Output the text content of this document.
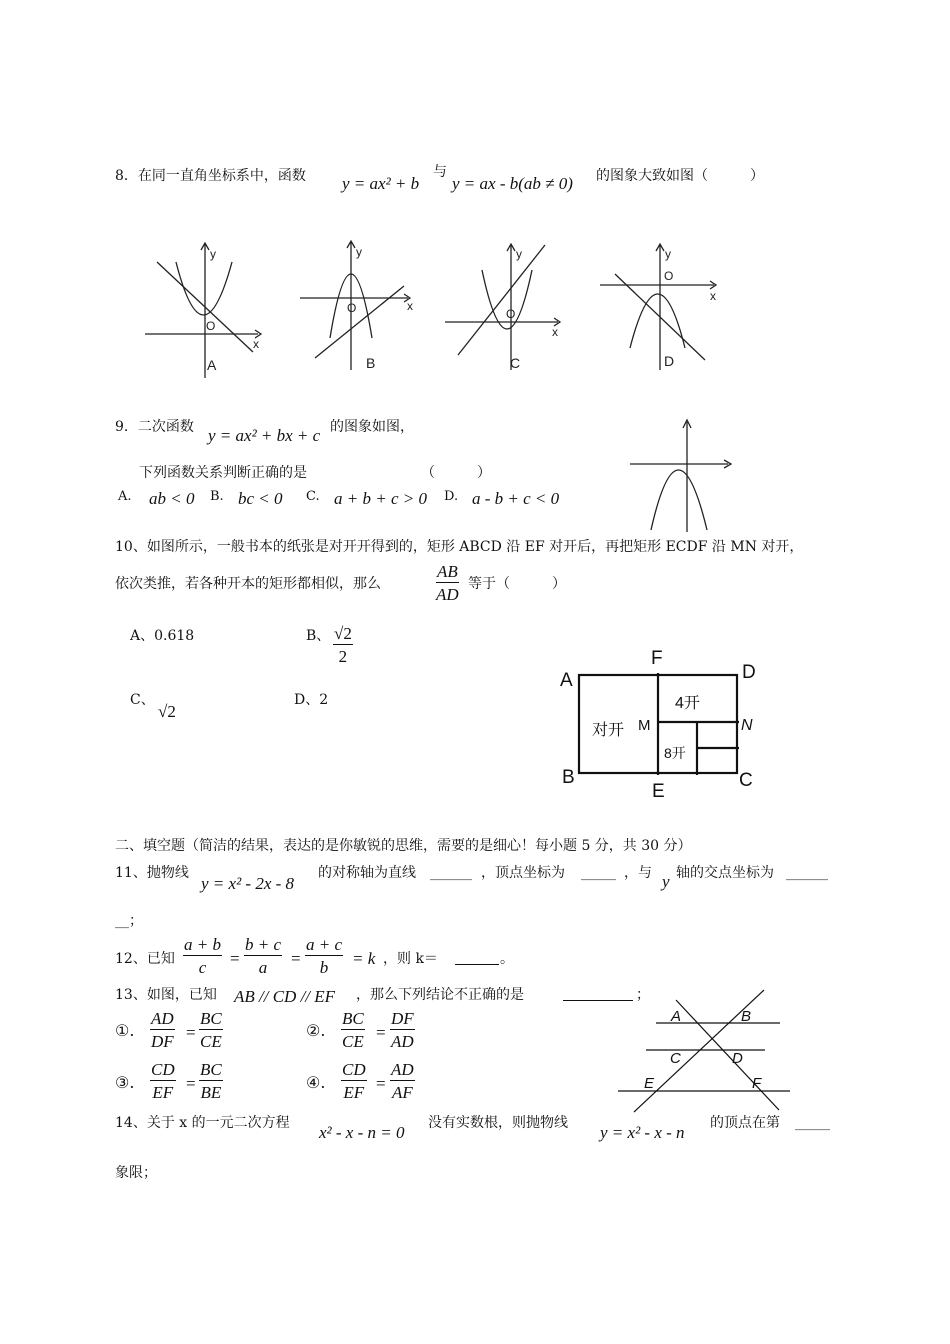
8．在同一直角坐标系中，函数 y = ax² + b
与
y = ax - b(ab ≠ 0) 的图象大致如图（　　　）
y
x
O
A
y
x
O
B
y
x
O
C
y
x
O
D
9．二次函数 y = ax² + bx + c 的图象如图，
下列函数关系判断正确的是	（　　　）
A. ab < 0 B. bc < 0 C. a + b + c > 0 D. a - b + c < 0
10、如图所示，一般书本的纸张是对开开得到的，矩形 ABCD 沿 EF 对开后，再把矩形 ECDF 沿 MN 对开，
依次类推，若各种开本的矩形都相似，那么	$\frac{AB}{AD}$ 等于（　　　）
A、0.618	B、 $\frac{√2}{2}$
C、
√2
D、2
A
F
D
M	N
B
E
C
对开
4开
8开
二、填空题（简洁的结果，表达的是你敏锐的思维，需要的是细心！每小题 5 分，共 30 分）
11、抛物线
y = x² - 2x - 8
的对称轴为直线 ______ ，顶点坐标为 _____ ，与 y 轴的交点坐标为 ______
__；
12、已知 $\frac{a + b}{c} = \frac{b + c}{a} = \frac{a + c}{b} = k$ ，则 k＝	。
13、如图，已知 AB // CD // EF ，那么下列结论不正确的是	；
①. $\frac{AD}{DF} = \frac{BC}{CE}$	②. $\frac{BC}{CE} = \frac{DF}{AD}$
③. $\frac{CD}{EF} = \frac{BC}{BE}$	④. $\frac{CD}{EF} = \frac{AD}{AF}$
A	B
C	D
E	F
14、关于 x 的一元二次方程 x² - x - n = 0 没有实数根，则抛物线 y = x² - x - n 的顶点在第 _____
象限；
